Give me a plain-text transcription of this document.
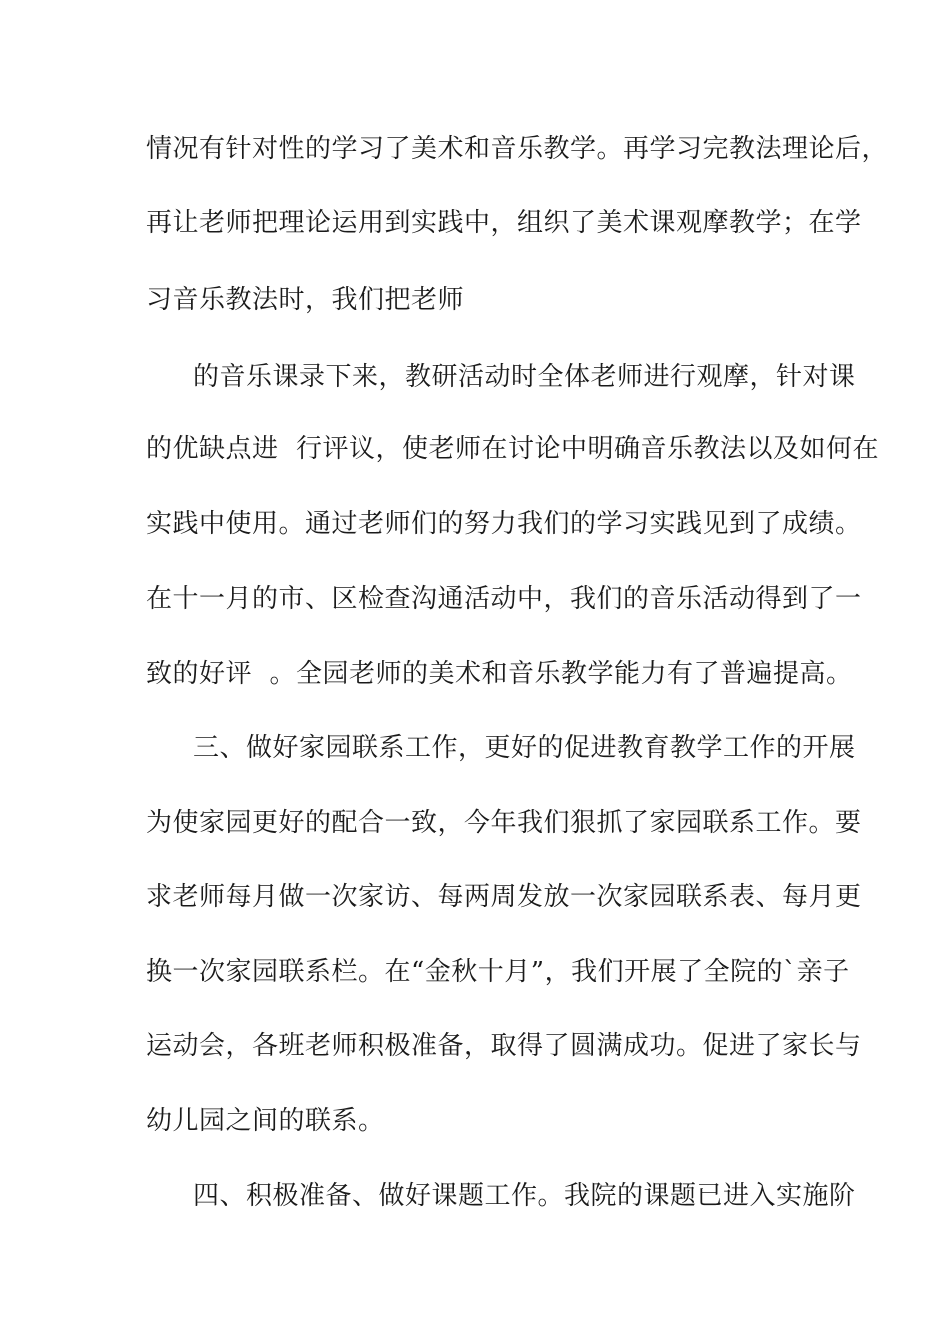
情况有针对性的学习了美术和音乐教学。再学习完教法理论后，
再让老师把理论运用到实践中，组织了美术课观摩教学；在学
习音乐教法时，我们把老师
的音乐课录下来，教研活动时全体老师进行观摩，针对课
的优缺点进  行评议，使老师在讨论中明确音乐教法以及如何在
实践中使用。通过老师们的努力我们的学习实践见到了成绩。
在十一月的市、区检查沟通活动中，我们的音乐活动得到了一
致的好评  。全园老师的美术和音乐教学能力有了普遍提高。
三、做好家园联系工作，更好的促进教育教学工作的开展
为使家园更好的配合一致，今年我们狠抓了家园联系工作。要
求老师每月做一次家访、每两周发放一次家园联系表、每月更
换一次家园联系栏。在“金秋十月”，我们开展了全院的`亲子
运动会，各班老师积极准备，取得了圆满成功。促进了家长与
幼儿园之间的联系。
四、积极准备、做好课题工作。我院的课题已进入实施阶
